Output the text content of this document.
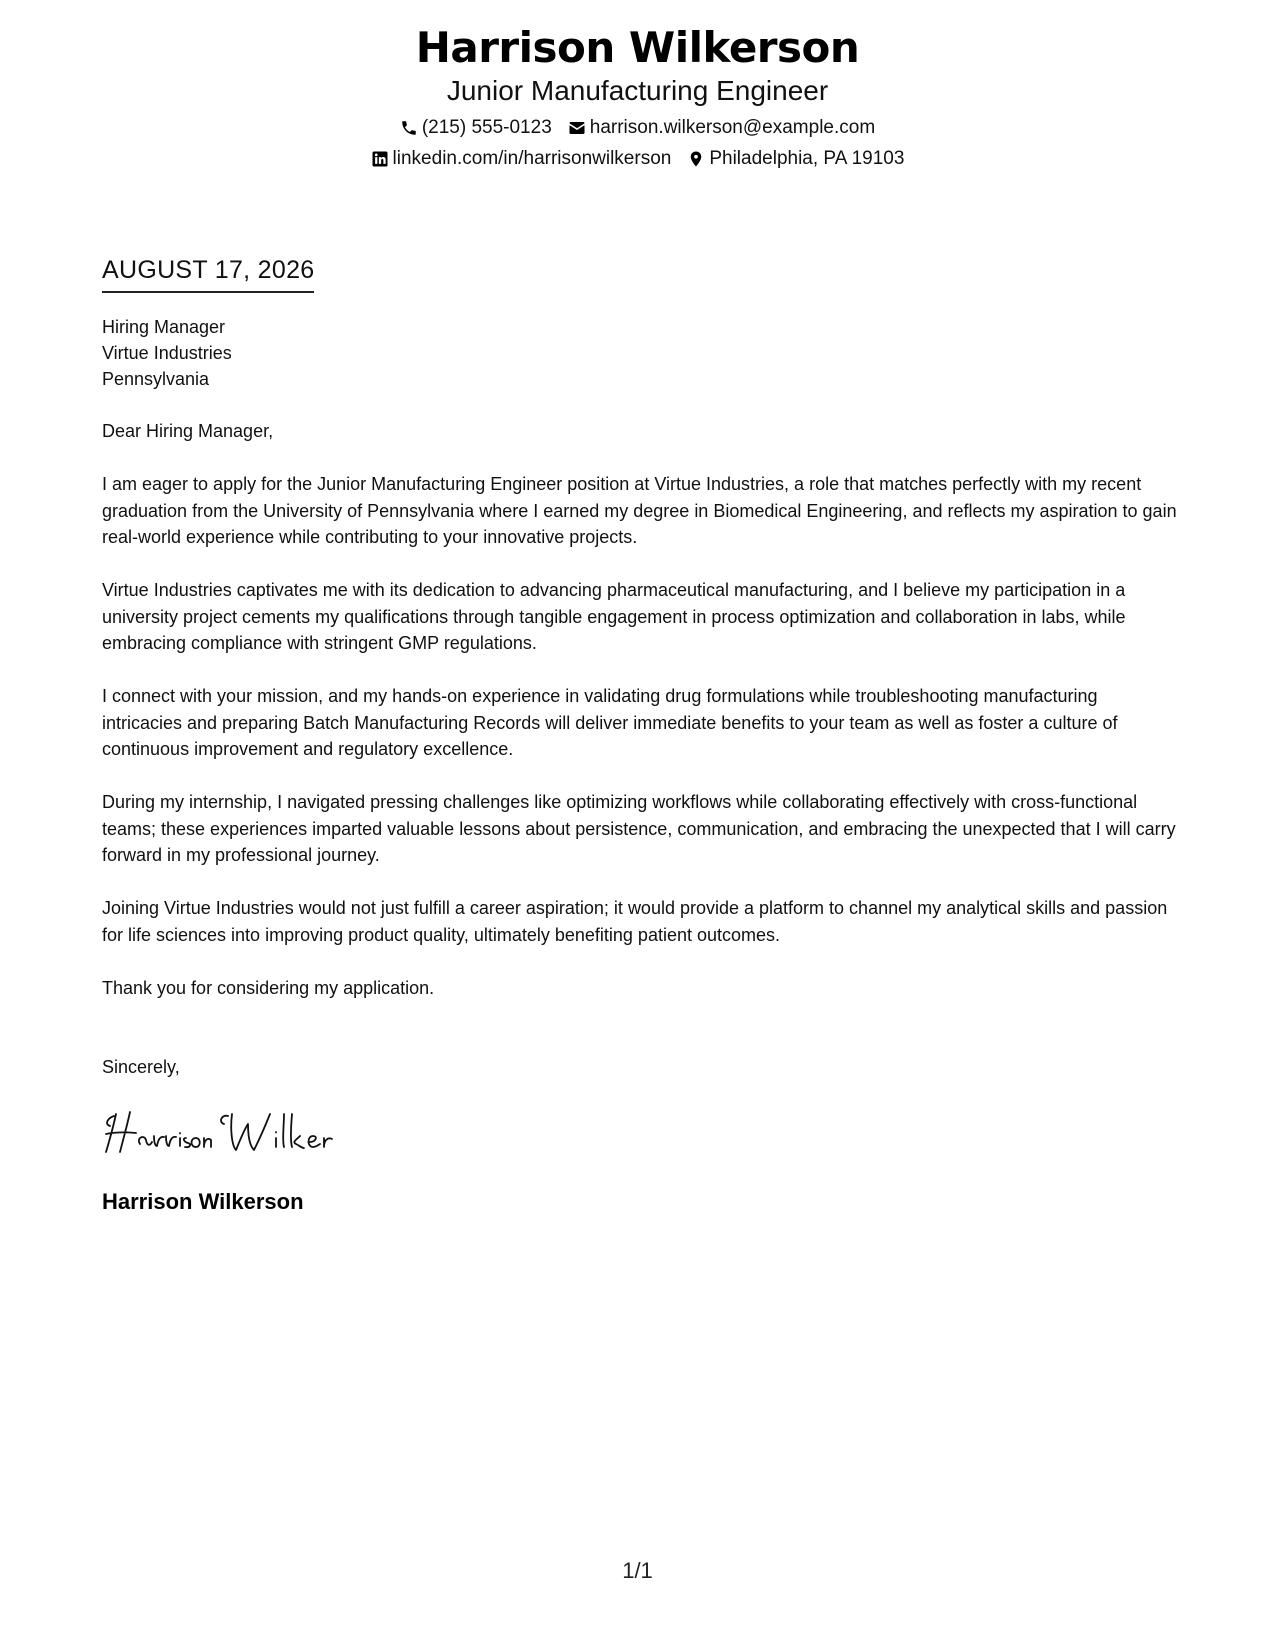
Harrison Wilkerson
Junior Manufacturing Engineer
(215) 555-0123 harrison.wilkerson@example.com
linkedin.com/in/harrisonwilkerson Philadelphia, PA 19103
AUGUST 17, 2026
Hiring Manager
Virtue Industries
Pennsylvania

Dear Hiring Manager,

I am eager to apply for the Junior Manufacturing Engineer position at Virtue Industries, a role that matches perfectly with my recent graduation from the University of Pennsylvania where I earned my degree in Biomedical Engineering, and reflects my aspiration to gain real-world experience while contributing to your innovative projects.

Virtue Industries captivates me with its dedication to advancing pharmaceutical manufacturing, and I believe my participation in a university project cements my qualifications through tangible engagement in process optimization and collaboration in labs, while embracing compliance with stringent GMP regulations.

I connect with your mission, and my hands-on experience in validating drug formulations while troubleshooting manufacturing intricacies and preparing Batch Manufacturing Records will deliver immediate benefits to your team as well as foster a culture of continuous improvement and regulatory excellence.

During my internship, I navigated pressing challenges like optimizing workflows while collaborating effectively with cross-functional teams; these experiences imparted valuable lessons about persistence, communication, and embracing the unexpected that I will carry forward in my professional journey.

Joining Virtue Industries would not just fulfill a career aspiration; it would provide a platform to channel my analytical skills and passion for life sciences into improving product quality, ultimately benefiting patient outcomes.

Thank you for considering my application.

Sincerely,
Harrison Wilkerson
1/1
